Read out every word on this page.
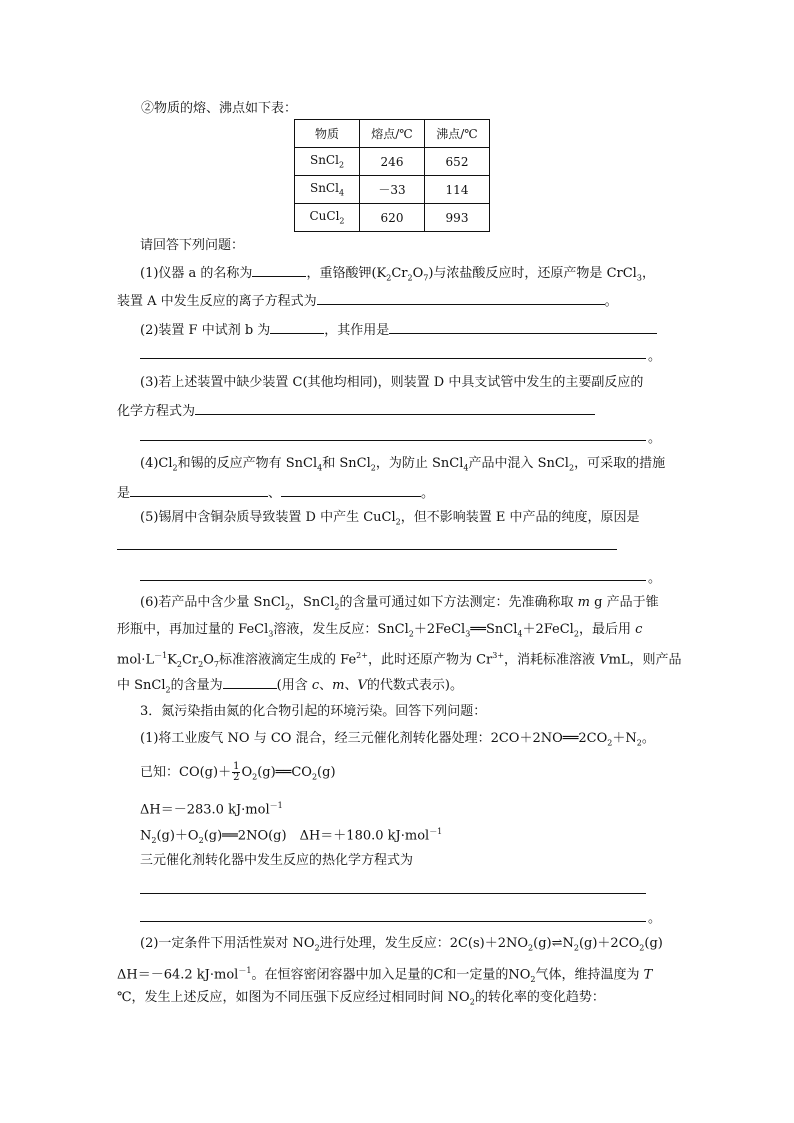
②物质的熔、沸点如下表：
物质	熔点/℃	沸点/℃
SnCl$_2$	246	652
SnCl$_4$	－33	114
CuCl$_2$	620	993
请回答下列问题：
(1)仪器 a 的名称为	，重铬酸钾$(K_2Cr_2O_7)$与浓盐酸反应时，还原产物是 CrCl$_3$，
装置 A 中发生反应的离子方程式为	。
(2)装置 F 中试剂 b 为	，其作用是
。
(3)若上述装置中缺少装置 C(其他均相同)，则装置 D 中具支试管中发生的主要副反应的
化学方程式为
。
$(4)Cl_2$和锡的反应产物有 SnCl$_4$和 SnCl$_2$，为防止 SnCl$_4$产品中混入 SnCl$_2$，可采取的措施
是	、	。
(5)锡屑中含铜杂质导致装置 D 中产生 CuCl$_2$，但不影响装置 E 中产品的纯度，原因是
。
(6)若产品中含少量 SnCl$_2$，SnCl$_2$的含量可通过如下方法测定：先准确称取 m g 产品于锥
形瓶中，再加过量的 FeCl$_3$溶液，发生反应：SnCl$_2$＋2FeCl$_3$══SnCl$_4$＋2FeCl$_2$，最后用 c
$mol\cdot L^{-1}K_2Cr_2O_7$标准溶液滴定生成的 $Fe^{2+}$，此时还原产物为 $Cr^{3+}$，消耗标准溶液 VmL，则产品
中 SnCl$_2$的含量为	(用含 c、m、V的代数式表示)。
3．氮污染指由氮的化合物引起的环境污染。回答下列问题：
(1)将工业废气 NO 与 CO 混合，经三元催化剂转化器处理：$2CO+2NO══2CO_2+N_2$。
已知：$CO(g)+ \frac{1}{2}$ $O_2(g)══CO_2(g)$
ΔH＝－283.0 kJ·mol$^{-1}$
$N_2(g)+O_2(g)══2NO(g)$　ΔH＝＋180.0 kJ·mol$^{-1}$
三元催化剂转化器中发生反应的热化学方程式为
。
(2)一定条件下用活性炭对 $NO_2$进行处理，发生反应：$2C(s)+2NO_2(g)\rightleftharpoons N_2(g)+2CO_2(g)$
ΔH＝－64.2 kJ·mol$^{-1}$。在恒容密闭容器中加入足量的C和一定量的$NO_2$气体，维持温度为 T
℃，发生上述反应，如图为不同压强下反应经过相同时间 $NO_2$的转化率的变化趋势：
